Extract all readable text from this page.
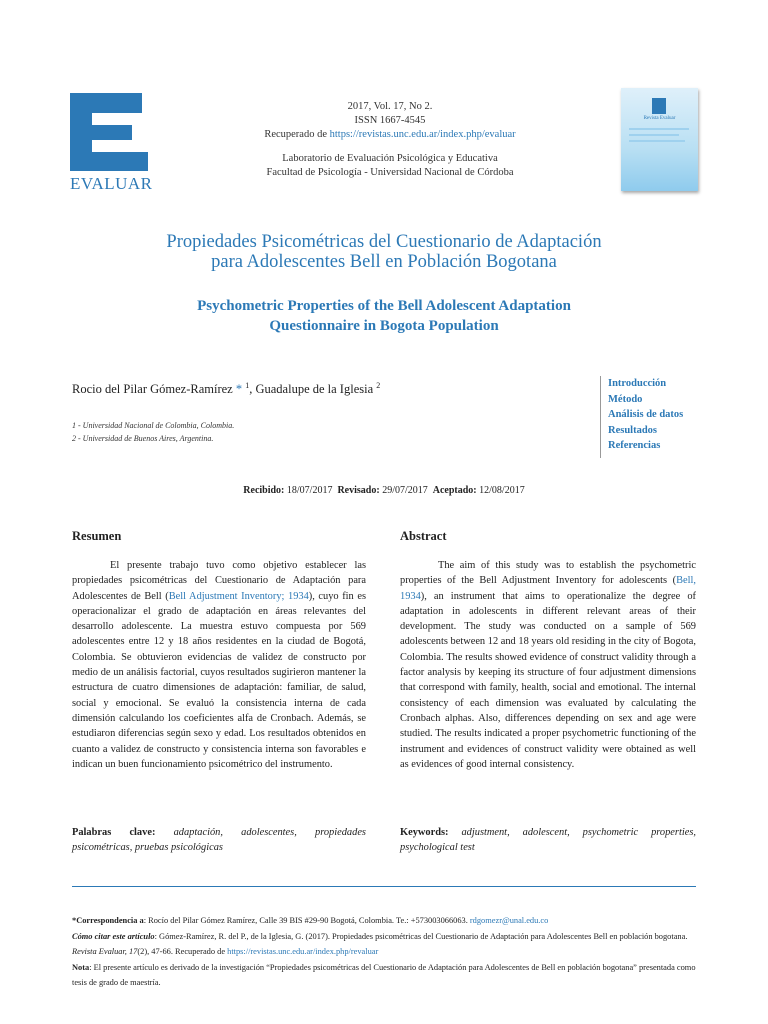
EVALUAR
2017, Vol. 17, No 2.
ISSN 1667-4545
Recuperado de https://revistas.unc.edu.ar/index.php/evaluar
Laboratorio de Evaluación Psicológica y Educativa
Facultad de Psicología - Universidad Nacional de Córdoba
Revista Evaluar
Propiedades Psicométricas del Cuestionario de Adaptación
para Adolescentes Bell en Población Bogotana
Psychometric Properties of the Bell Adolescent Adaptation
Questionnaire in Bogota Population
Rocio del Pilar Gómez-Ramírez * $^1$, Guadalupe de la Iglesia $^2$
1 - Universidad Nacional de Colombia, Colombia.
2 - Universidad de Buenos Aires, Argentina.
Introducción
Método
Análisis de datos
Resultados
Referencias
Recibido: 18/07/2017 Revisado: 29/07/2017 Aceptado: 12/08/2017
Resumen	Abstract

El presente trabajo tuvo como objetivo establecer las propiedades psicométricas del Cuestionario de Adaptación para Adolescentes de Bell (Bell Adjustment Inventory; 1934), cuyo fin es operacionalizar el grado de adaptación en áreas relevantes del desarrollo adolescente. La muestra estuvo compuesta por 569 adolescentes entre 12 y 18 años residentes en la ciudad de Bogotá, Colombia. Se obtuvieron evidencias de validez de constructo por medio de un análisis factorial, cuyos resultados sugirieron mantener la estructura de cuatro dimensiones de adaptación: familiar, de salud, social y emocional. Se evaluó la consistencia interna de cada dimensión calculando los coeficientes alfa de Cronbach. Además, se estudiaron diferencias según sexo y edad. Los resultados obtenidos en cuanto a validez de constructo y consistencia interna son favorables e indican un buen funcionamiento psicométrico del instrumento.

The aim of this study was to establish the psychometric properties of the Bell Adjustment Inventory for adolescents (Bell, 1934), an instrument that aims to operationalize the degree of adaptation in adolescents in different relevant areas of their development. The study was conducted on a sample of 569 adolescents between 12 and 18 years old residing in the city of Bogota, Colombia. The results showed evidence of construct validity through a factor analysis by keeping its structure of four adjustment dimensions that correspond with family, health, social and emotional. The internal consistency of each dimension was evaluated by calculating the Cronbach alphas. Also, differences depending on sex and age were studied. The results indicated a proper psychometric functioning of the instrument and evidences of construct validity were obtained as well as evidences of good internal consistency.

Palabras clave: adaptación, adolescentes, propiedades psicométricas, pruebas psicológicas
Keywords: adjustment, adolescent, psychometric properties, psychological test
*Correspondencia a: Rocío del Pilar Gómez Ramírez, Calle 39 BIS #29-90 Bogotá, Colombia. Te.: +573003066063. rdgomezr@unal.edu.co
Cómo citar este artículo: Gómez-Ramírez, R. del P., de la Iglesia, G. (2017). Propiedades psicométricas del Cuestionario de Adaptación para Adolescentes Bell en población bogotana. Revista Evaluar, 17(2), 47-66. Recuperado de https://revistas.unc.edu.ar/index.php/revaluar
Nota: El presente artículo es derivado de la investigación “Propiedades psicométricas del Cuestionario de Adaptación para Adolescentes de Bell en población bogotana” presentada como tesis de grado de maestría.
